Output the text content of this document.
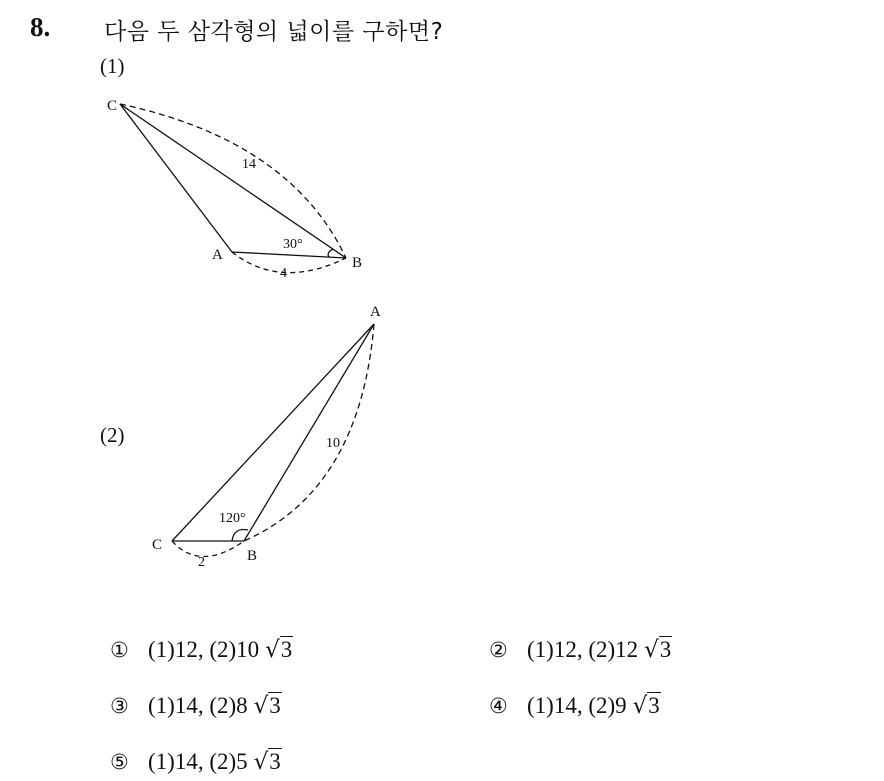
8. 다음 두 삼각형의 넓이를 구하면?
(1)
(2)
C
A	B
14
4
30°
A
C
B
10
2
120°
① (1)12, (2)10 √3	② (1)12, (2)12 √3
③ (1)14, (2)8 √3	④ (1)14, (2)9 √3
⑤ (1)14, (2)5 √3
